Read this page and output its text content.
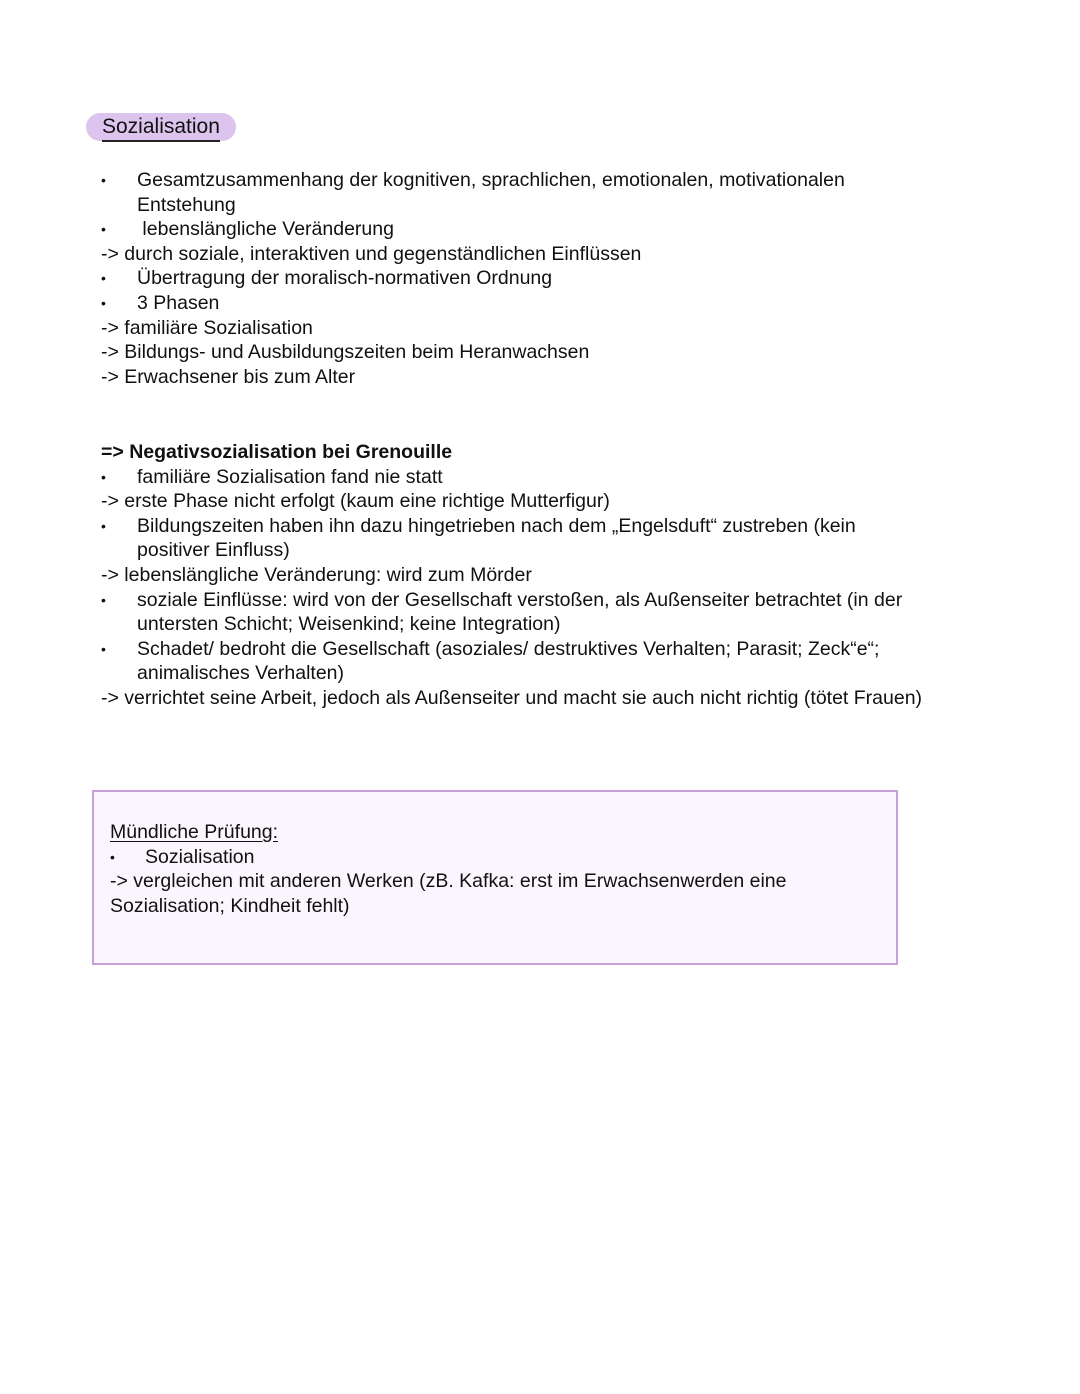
Sozialisation
• Gesamtzusammenhang der kognitiven, sprachlichen, emotionalen, motivationalen
Entstehung
• lebenslängliche Veränderung
-> durch soziale, interaktiven und gegenständlichen Einflüssen
• Übertragung der moralisch-normativen Ordnung
• 3 Phasen
-> familiäre Sozialisation
-> Bildungs- und Ausbildungszeiten beim Heranwachsen
-> Erwachsener bis zum Alter
=> Negativsozialisation bei Grenouille
• familiäre Sozialisation fand nie statt
-> erste Phase nicht erfolgt (kaum eine richtige Mutterfigur)
• Bildungszeiten haben ihn dazu hingetrieben nach dem „Engelsduft“ zustreben (kein
positiver Einfluss)
-> lebenslängliche Veränderung: wird zum Mörder
• soziale Einflüsse: wird von der Gesellschaft verstoßen, als Außenseiter betrachtet (in der
untersten Schicht; Weisenkind; keine Integration)
• Schadet/ bedroht die Gesellschaft (asoziales/ destruktives Verhalten; Parasit; Zeck“e“;
animalisches Verhalten)
-> verrichtet seine Arbeit, jedoch als Außenseiter und macht sie auch nicht richtig (tötet Frauen)
Mündliche Prüfung:
• Sozialisation
-> vergleichen mit anderen Werken (zB. Kafka: erst im Erwachsenwerden eine
Sozialisation; Kindheit fehlt)
